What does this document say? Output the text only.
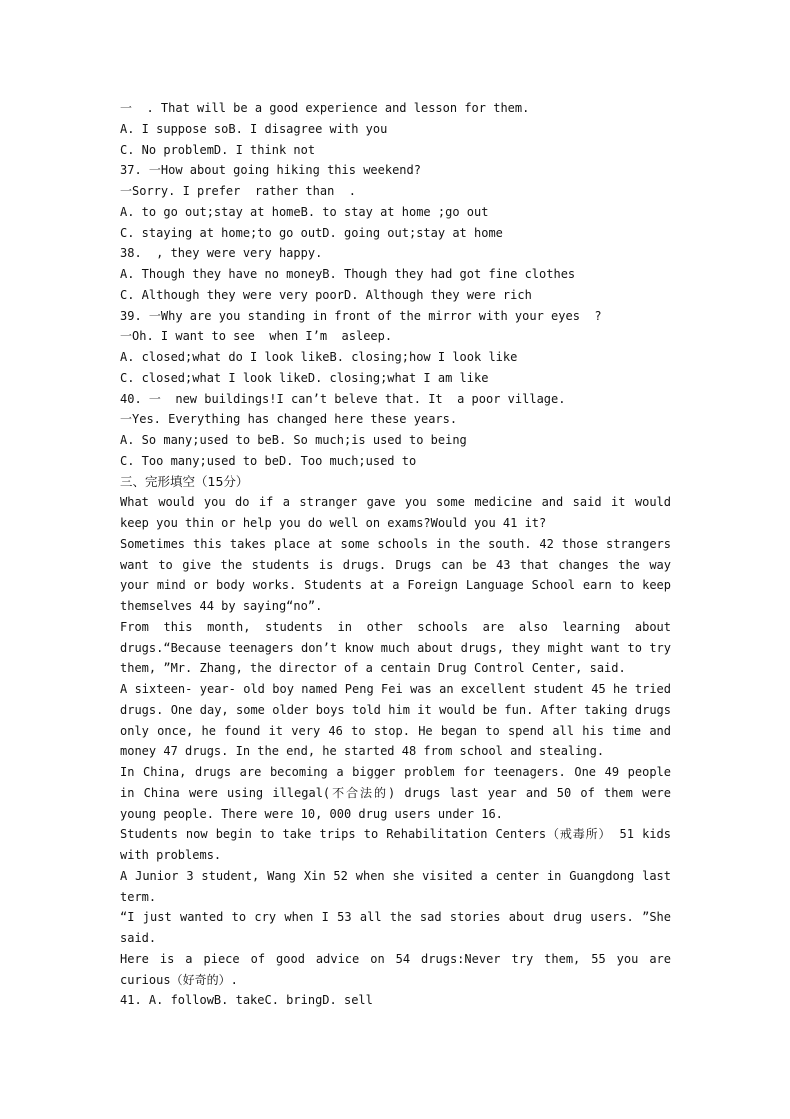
一  . That will be a good experience and lesson for them.
A. I suppose soB. I disagree with you
C. No problemD. I think not
37. 一How about going hiking this weekend?
一Sorry. I prefer  rather than  .
A. to go out;stay at homeB. to stay at home ;go out
C. staying at home;to go outD. going out;stay at home
38.  , they were very happy.
A. Though they have no moneyB. Though they had got fine clothes
C. Although they were very poorD. Although they were rich
39. 一Why are you standing in front of the mirror with your eyes  ?
一Oh. I want to see  when I’m  asleep.
A. closed;what do I look likeB. closing;how I look like
C. closed;what I look likeD. closing;what I am like
40. 一  new buildings!I can’t beleve that. It  a poor village.
一Yes. Everything has changed here these years.
A. So many;used to beB. So much;is used to being
C. Too many;used to beD. Too much;used to
三、完形填空（15分）
What would you do if a stranger gave you some medicine and said it would keep you thin or help you do well on exams?Would you 41 it?
Sometimes this takes place at some schools in the south. 42 those strangers want to give the students is drugs. Drugs can be 43 that changes the way your mind or body works. Students at a Foreign Language School earn to keep themselves 44 by saying“no”.
From this month, students in other schools are also learning about drugs.“Because teenagers don’t know much about drugs, they might want to try them, ”Mr. Zhang, the director of a centain Drug Control Center, said.
A sixteen- year- old boy named Peng Fei was an excellent student 45 he tried drugs. One day, some older boys told him it would be fun. After taking drugs only once, he found it very 46 to stop. He began to spend all his time and money 47 drugs. In the end, he started 48 from school and stealing.
In China, drugs are becoming a bigger problem for teenagers. One 49 people in China were using illegal(不合法的) drugs last year and 50 of them were young people. There were 10, 000 drug users under 16.
Students now begin to take trips to Rehabilitation Centers（戒毒所） 51 kids with problems.
A Junior 3 student, Wang Xin 52 when she visited a center in Guangdong last term.
“I just wanted to cry when I 53 all the sad stories about drug users. ”She said.
Here is a piece of good advice on 54 drugs:Never try them, 55 you are curious（好奇的）.
41. A. followB. takeC. bringD. sell
